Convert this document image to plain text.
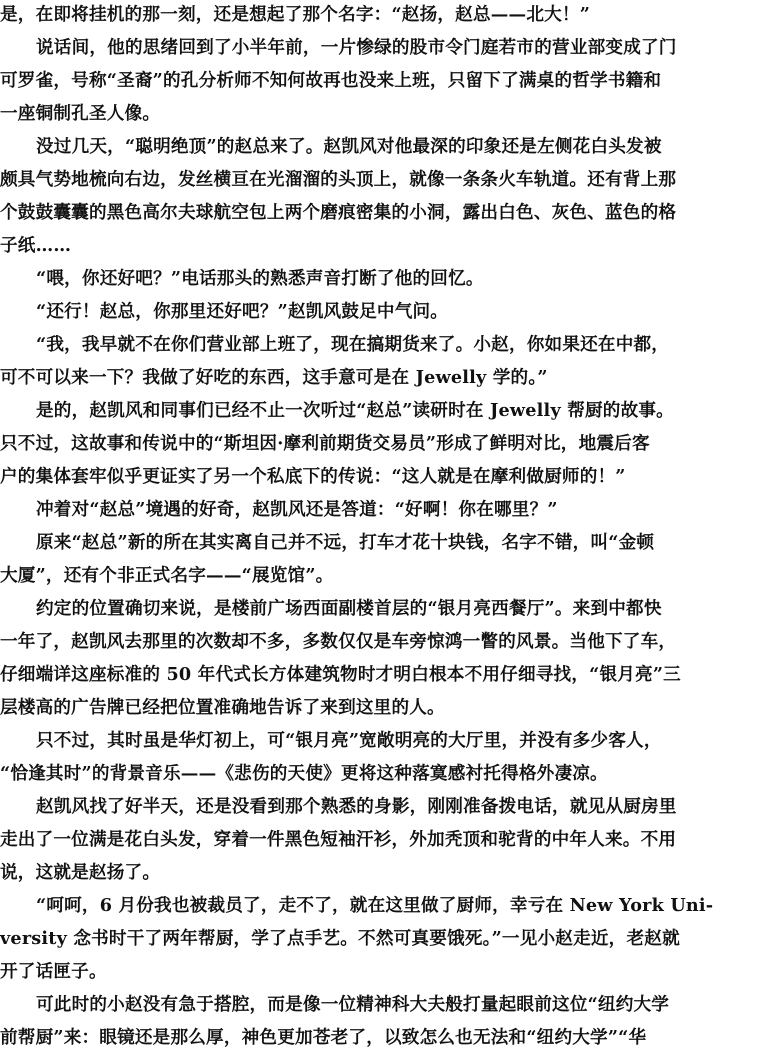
是，在即将挂机的那一刻，还是想起了那个名字：“赵扬，赵总——北大！”

说话间，他的思绪回到了小半年前，一片惨绿的股市令门庭若市的营业部变成了门

可罗雀，号称“圣裔”的孔分析师不知何故再也没来上班，只留下了满桌的哲学书籍和

一座铜制孔圣人像。

没过几天，“聪明绝顶”的赵总来了。赵凯风对他最深的印象还是左侧花白头发被

颇具气势地梳向右边，发丝横亘在光溜溜的头顶上，就像一条条火车轨道。还有背上那

个鼓鼓囊囊的黑色高尔夫球航空包上两个磨痕密集的小洞，露出白色、灰色、蓝色的格

子纸……

“喂，你还好吧？”电话那头的熟悉声音打断了他的回忆。

“还行！赵总，你那里还好吧？”赵凯风鼓足中气问。

“我，我早就不在你们营业部上班了，现在搞期货来了。小赵，你如果还在中都，

可不可以来一下？我做了好吃的东西，这手意可是在 Jewelly 学的。”

是的，赵凯风和同事们已经不止一次听过“赵总”读研时在 Jewelly 帮厨的故事。

只不过，这故事和传说中的“斯坦因·摩利前期货交易员”形成了鲜明对比，地震后客

户的集体套牢似乎更证实了另一个私底下的传说：“这人就是在摩利做厨师的！”

冲着对“赵总”境遇的好奇，赵凯风还是答道：“好啊！你在哪里？”

原来“赵总”新的所在其实离自己并不远，打车才花十块钱，名字不错，叫“金顿

大厦”，还有个非正式名字——“展览馆”。

约定的位置确切来说，是楼前广场西面副楼首层的“银月亮西餐厅”。来到中都快

一年了，赵凯风去那里的次数却不多，多数仅仅是车旁惊鸿一瞥的风景。当他下了车，

仔细端详这座标准的 50 年代式长方体建筑物时才明白根本不用仔细寻找，“银月亮”三

层楼高的广告牌已经把位置准确地告诉了来到这里的人。

只不过，其时虽是华灯初上，可“银月亮”宽敞明亮的大厅里，并没有多少客人，

“恰逢其时”的背景音乐——《悲伤的天使》更将这种落寞感衬托得格外凄凉。

赵凯风找了好半天，还是没看到那个熟悉的身影，刚刚准备拨电话，就见从厨房里

走出了一位满是花白头发，穿着一件黑色短袖汗衫，外加秃顶和驼背的中年人来。不用

说，这就是赵扬了。

“呵呵，6 月份我也被裁员了，走不了，就在这里做了厨师，幸亏在 New York Uni-

versity 念书时干了两年帮厨，学了点手艺。不然可真要饿死。”一见小赵走近，老赵就

开了话匣子。

可此时的小赵没有急于搭腔，而是像一位精神科大夫般打量起眼前这位“纽约大学

前帮厨”来：眼镜还是那么厚，神色更加苍老了，以致怎么也无法和“纽约大学”“华
